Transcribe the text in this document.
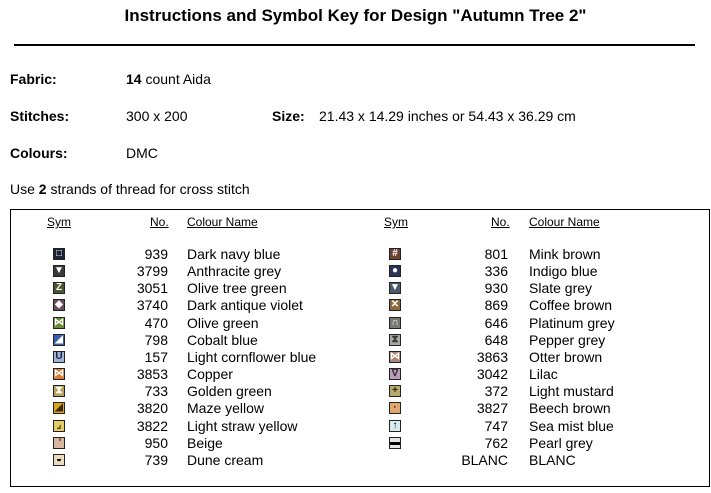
Instructions and Symbol Key for Design "Autumn Tree 2"
Fabric:	14 count Aida
Stitches:	300 x 200	Size: 21.43 x 14.29 inches or 54.43 x 36.29 cm
Colours:	DMC
Use 2 strands of thread for cross stitch
Sym	No. Colour Name	Sym	No. Colour Name
□	939 Dark navy blue
▼	3799 Anthracite grey
Z	3051 Olive tree green
◆	3740 Dark antique violet
⋈	470 Olive green
◢	798 Cobalt blue
U	157 Light cornflower blue
⋈	3853 Copper
⧗	733 Golden green
◢	3820 Maze yellow
⌟	3822 Light straw yellow
⌝	950 Beige
◒	739 Dune cream
#	801 Mink brown
●	336 Indigo blue
▼	930 Slate grey
✕	869 Coffee brown
∩	646 Platinum grey
⧗	648 Pepper grey
⋈	3863 Otter brown
∇	3042 Lilac
+	372 Light mustard
·	3827 Beech brown
↑	747 Sea mist blue
▬	762 Pearl grey
BLANC BLANC
